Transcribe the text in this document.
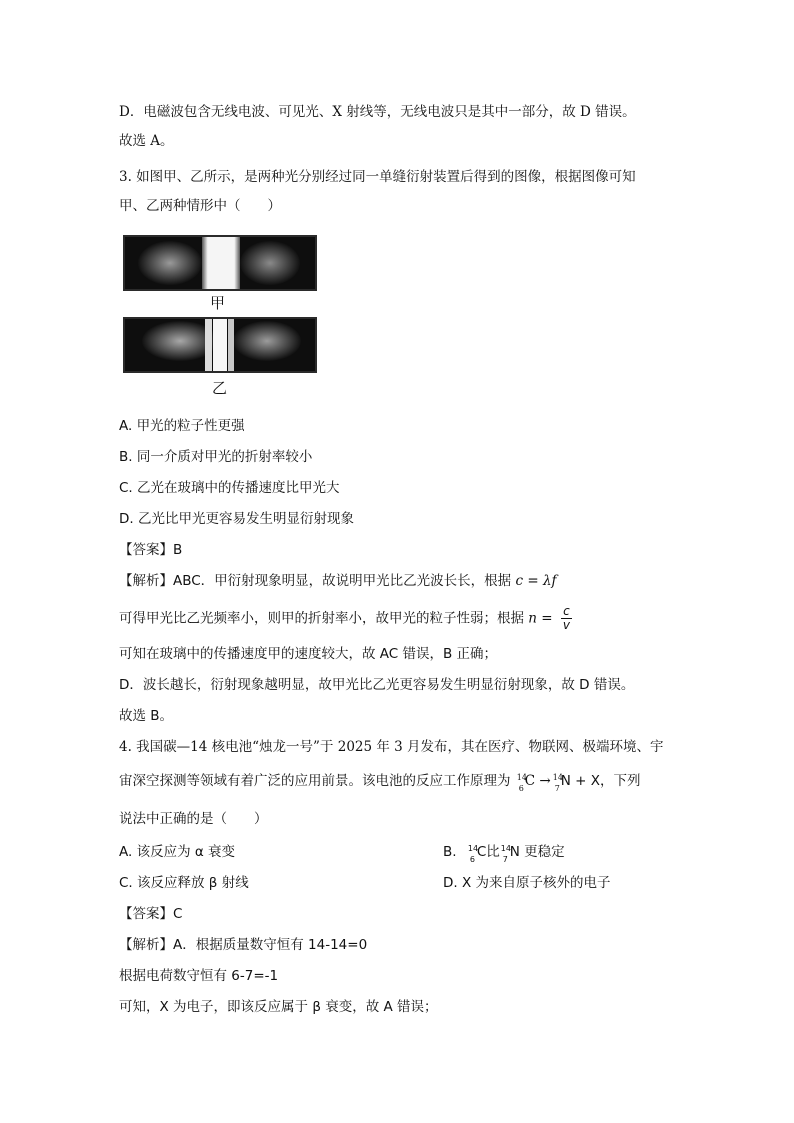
D．电磁波包含无线电波、可见光、X 射线等，无线电波只是其中一部分，故 D 错误。
故选 A。
3. 如图甲、乙所示，是两种光分别经过同一单缝衍射装置后得到的图像，根据图像可知
甲、乙两种情形中（　　）
甲
乙
A. 甲光的粒子性更强
B. 同一介质对甲光的折射率较小
C. 乙光在玻璃中的传播速度比甲光大
D. 乙光比甲光更容易发生明显衍射现象
【答案】B
【解析】ABC．甲衍射现象明显，故说明甲光比乙光波长长，根据 c = λf
可得甲光比乙光频率小，则甲的折射率小，故甲光的粒子性弱；根据 $n = \frac{c}{v}$
可知在玻璃中的传播速度甲的速度较大，故 AC 错误，B 正确；
D．波长越长，衍射现象越明显，故甲光比乙光更容易发生明显衍射现象，故 D 错误。
故选 B。
4. 我国碳—14 核电池“烛龙一号”于 2025 年 3 月发布，其在医疗、物联网、极端环境、宇
宙深空探测等领域有着广泛的应用前景。该电池的反应工作原理为 14
6 C → 14
7 N + X，下列
说法中正确的是（　　）
A. 该反应为 α 衰变	B. 14
6 C比 14
7 N 更稳定
C. 该反应释放 β 射线	D. X 为来自原子核外的电子
【答案】C
【解析】A．根据质量数守恒有 14-14=0
根据电荷数守恒有 6-7=-1
可知，X 为电子，即该反应属于 β 衰变，故 A 错误；
